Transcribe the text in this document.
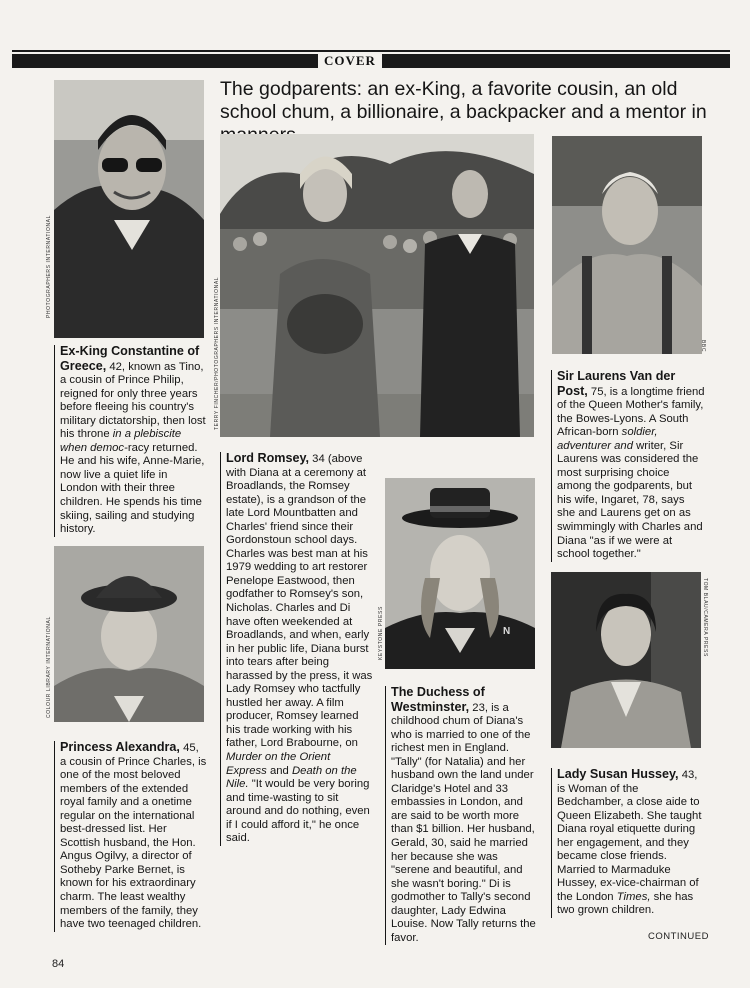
COVER
The godparents: an ex-King, a favorite cousin, an old school chum, a billionaire, a backpacker and a mentor in
PHOTOGRAPHERS INTERNATIONAL
TERRY FINCHER/PHOTOGRAPHERS INTERNATIONAL	BBC
COLOUR LIBRARY INTERNATIONAL	N
KEYSTONE PRESS	TOM BLAU/CAMERA PRESS

Ex-King Constantine of Greece, 42, known as Tino, a cousin of Prince Philip, reigned for only three years before fleeing his country's military dictatorship, then lost his throne in a plebiscite when democ-racy returned. He and his wife, Anne-Marie, now live a quiet life in London with their three children. He spends his time skiing, sailing and studying history.

Princess Alexandra, 45, a cousin of Prince Charles, is one of the most beloved members of the extended royal family and a onetime regular on the international best-dressed list. Her Scottish husband, the Hon. Angus Ogilvy, a director of Sotheby Parke Bernet, is known for his extraordinary charm. The least wealthy members of the family, they have two teenaged children.

Lord Romsey, 34 (above with Diana at a ceremony at Broadlands, the Romsey estate), is a grandson of the late Lord Mountbatten and Charles' friend since their Gordonstoun school days. Charles was best man at his 1979 wedding to art restorer Penelope Eastwood, then godfather to Romsey's son, Nicholas. Charles and Di have often weekended at Broadlands, and when, early in her public life, Diana burst into tears after being harassed by the press, it was Lady Romsey who tactfully hustled her away. A film producer, Romsey learned his trade working with his father, Lord Brabourne, on Murder on the Orient Express and Death on the Nile. "It would be very boring and time-wasting to sit around and do nothing, even if I could afford it," he once said.

The Duchess of Westminster, 23, is a childhood chum of Diana's who is married to one of the richest men in England. "Tally" (for Natalia) and her husband own the land under Claridge's Hotel and 33 embassies in London, and are said to be worth more than $1 billion. Her husband, Gerald, 30, said he married her because she was "serene and beautiful, and she wasn't boring." Di is godmother to Tally's second daughter, Lady Edwina Louise. Now Tally returns the favor.

Sir Laurens Van der Post, 75, is a longtime friend of the Queen Mother's family, the Bowes-Lyons. A South African-born soldier, adventurer and writer, Sir Laurens was considered the most surprising choice among the godparents, but his wife, Ingaret, 78, says she and Laurens get on as swimmingly with Charles and Diana "as if we were at school together."

Lady Susan Hussey, 43, is Woman of the Bedchamber, a close aide to Queen Elizabeth. She taught Diana royal etiquette during her engagement, and they became close friends. Married to Marmaduke Hussey, ex-vice-chairman of the London Times, she has two grown children.

CONTINUED
84
